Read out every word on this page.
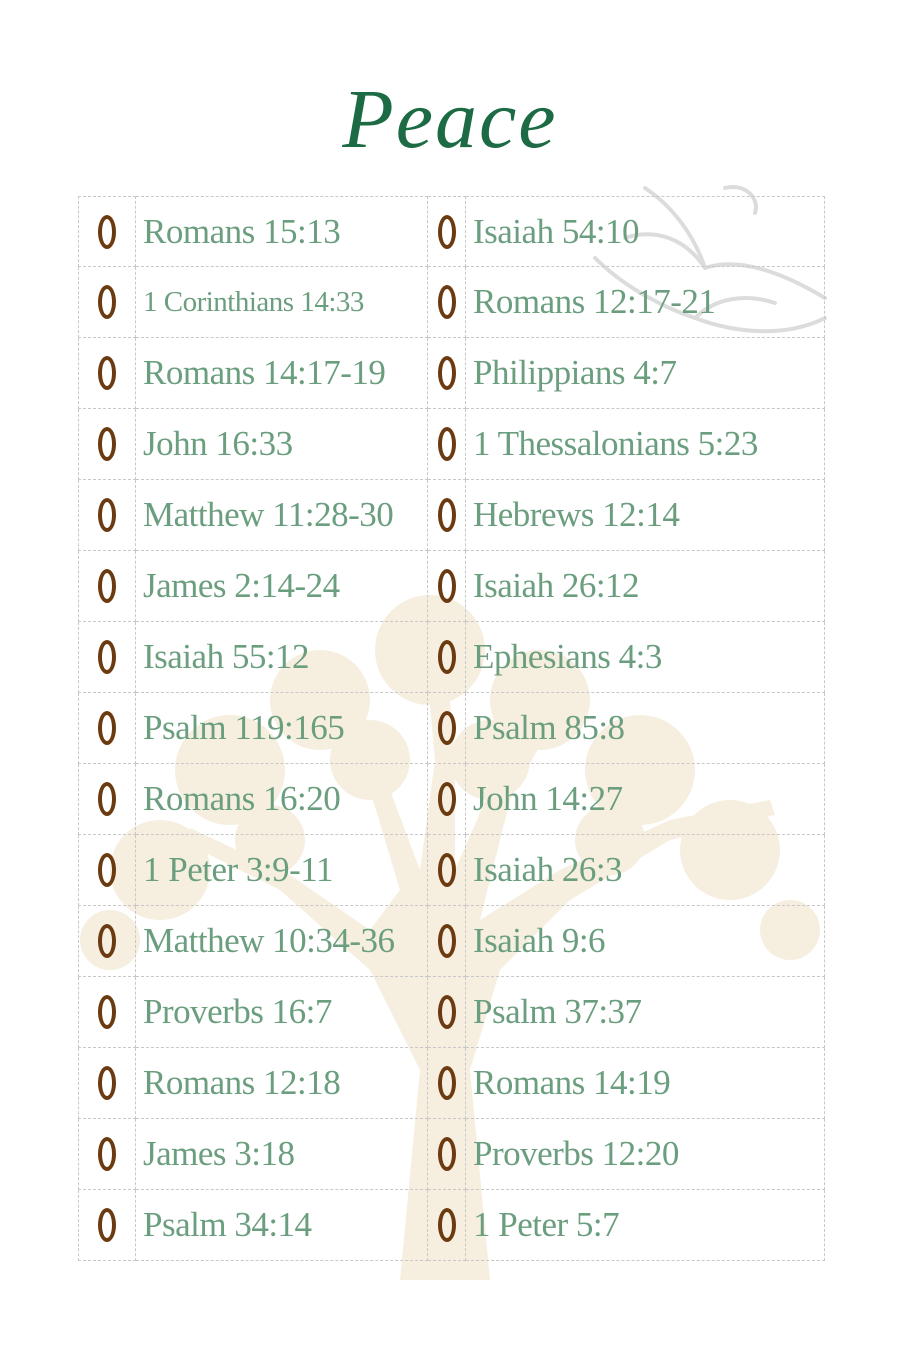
Peace
Romans 15:13	Isaiah 54:10
1 Corinthians 14:33	Romans 12:17-21
Romans 14:17-19	Philippians 4:7
John 16:33	1 Thessalonians 5:23
Matthew 11:28-30	Hebrews 12:14
James 2:14-24	Isaiah 26:12
Isaiah 55:12	Ephesians 4:3
Psalm 119:165	Psalm 85:8
Romans 16:20	John 14:27
1 Peter 3:9-11	Isaiah 26:3
Matthew 10:34-36	Isaiah 9:6
Proverbs 16:7	Psalm 37:37
Romans 12:18	Romans 14:19
James 3:18	Proverbs 12:20
Psalm 34:14	1 Peter 5:7
